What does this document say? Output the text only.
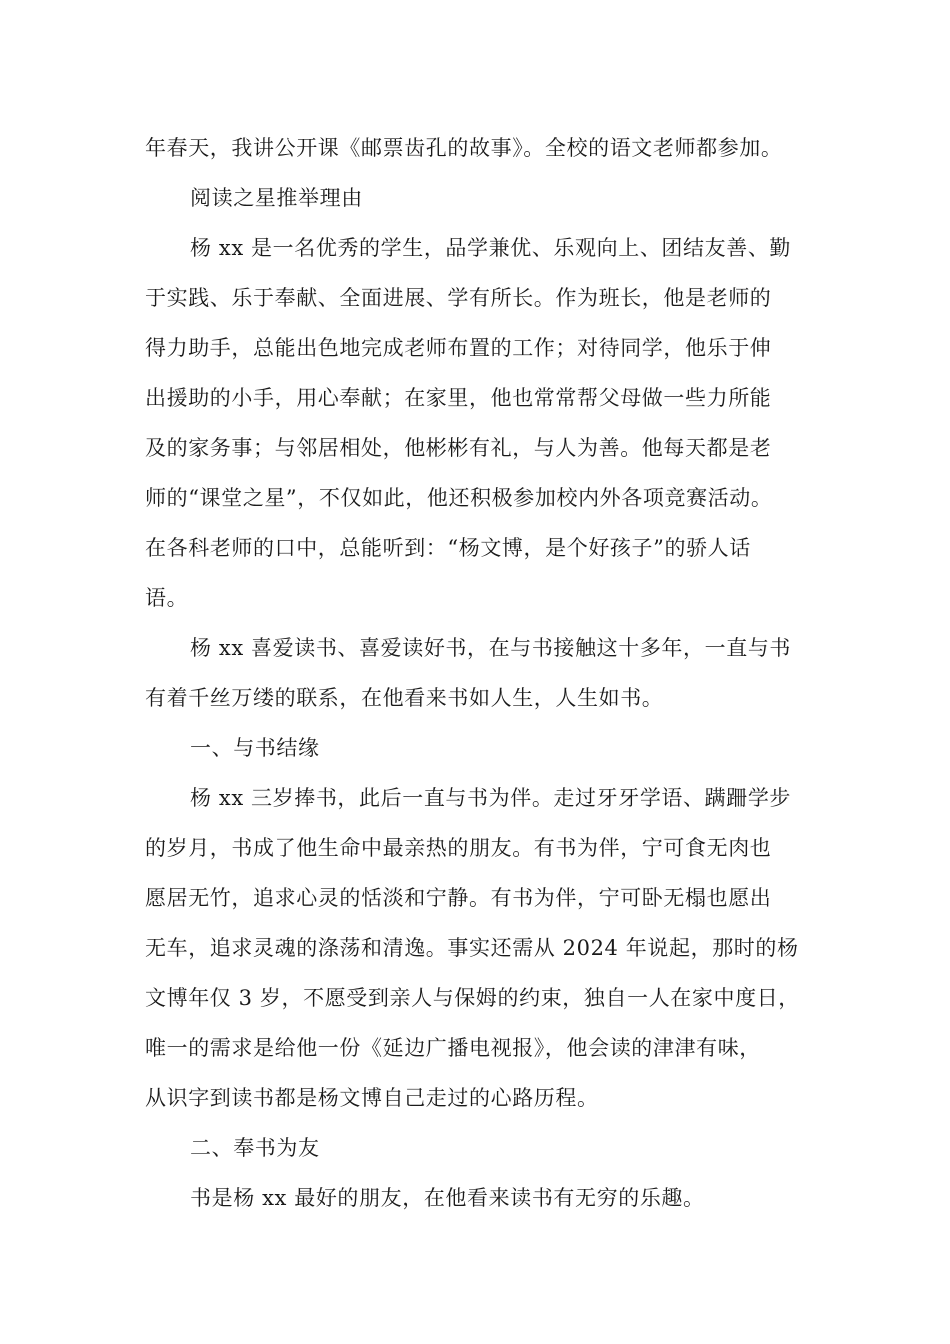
年春天，我讲公开课《邮票齿孔的故事》。全校的语文老师都参加。
阅读之星推举理由
杨 xx 是一名优秀的学生，品学兼优、乐观向上、团结友善、勤
于实践、乐于奉献、全面进展、学有所长。作为班长，他是老师的
得力助手，总能出色地完成老师布置的工作；对待同学，他乐于伸
出援助的小手，用心奉献；在家里，他也常常帮父母做一些力所能
及的家务事；与邻居相处，他彬彬有礼，与人为善。他每天都是老
师的“课堂之星”，不仅如此，他还积极参加校内外各项竞赛活动。
在各科老师的口中，总能听到：“杨文博，是个好孩子”的骄人话
语。
杨 xx 喜爱读书、喜爱读好书，在与书接触这十多年，一直与书
有着千丝万缕的联系，在他看来书如人生，人生如书。
一、与书结缘
杨 xx 三岁捧书，此后一直与书为伴。走过牙牙学语、蹒跚学步
的岁月，书成了他生命中最亲热的朋友。有书为伴，宁可食无肉也
愿居无竹，追求心灵的恬淡和宁静。有书为伴，宁可卧无榻也愿出
无车，追求灵魂的涤荡和清逸。事实还需从 2024 年说起，那时的杨
文博年仅 3 岁，不愿受到亲人与保姆的约束，独自一人在家中度日，
唯一的需求是给他一份《延边广播电视报》，他会读的津津有味，
从识字到读书都是杨文博自己走过的心路历程。
二、奉书为友
书是杨 xx 最好的朋友，在他看来读书有无穷的乐趣。
